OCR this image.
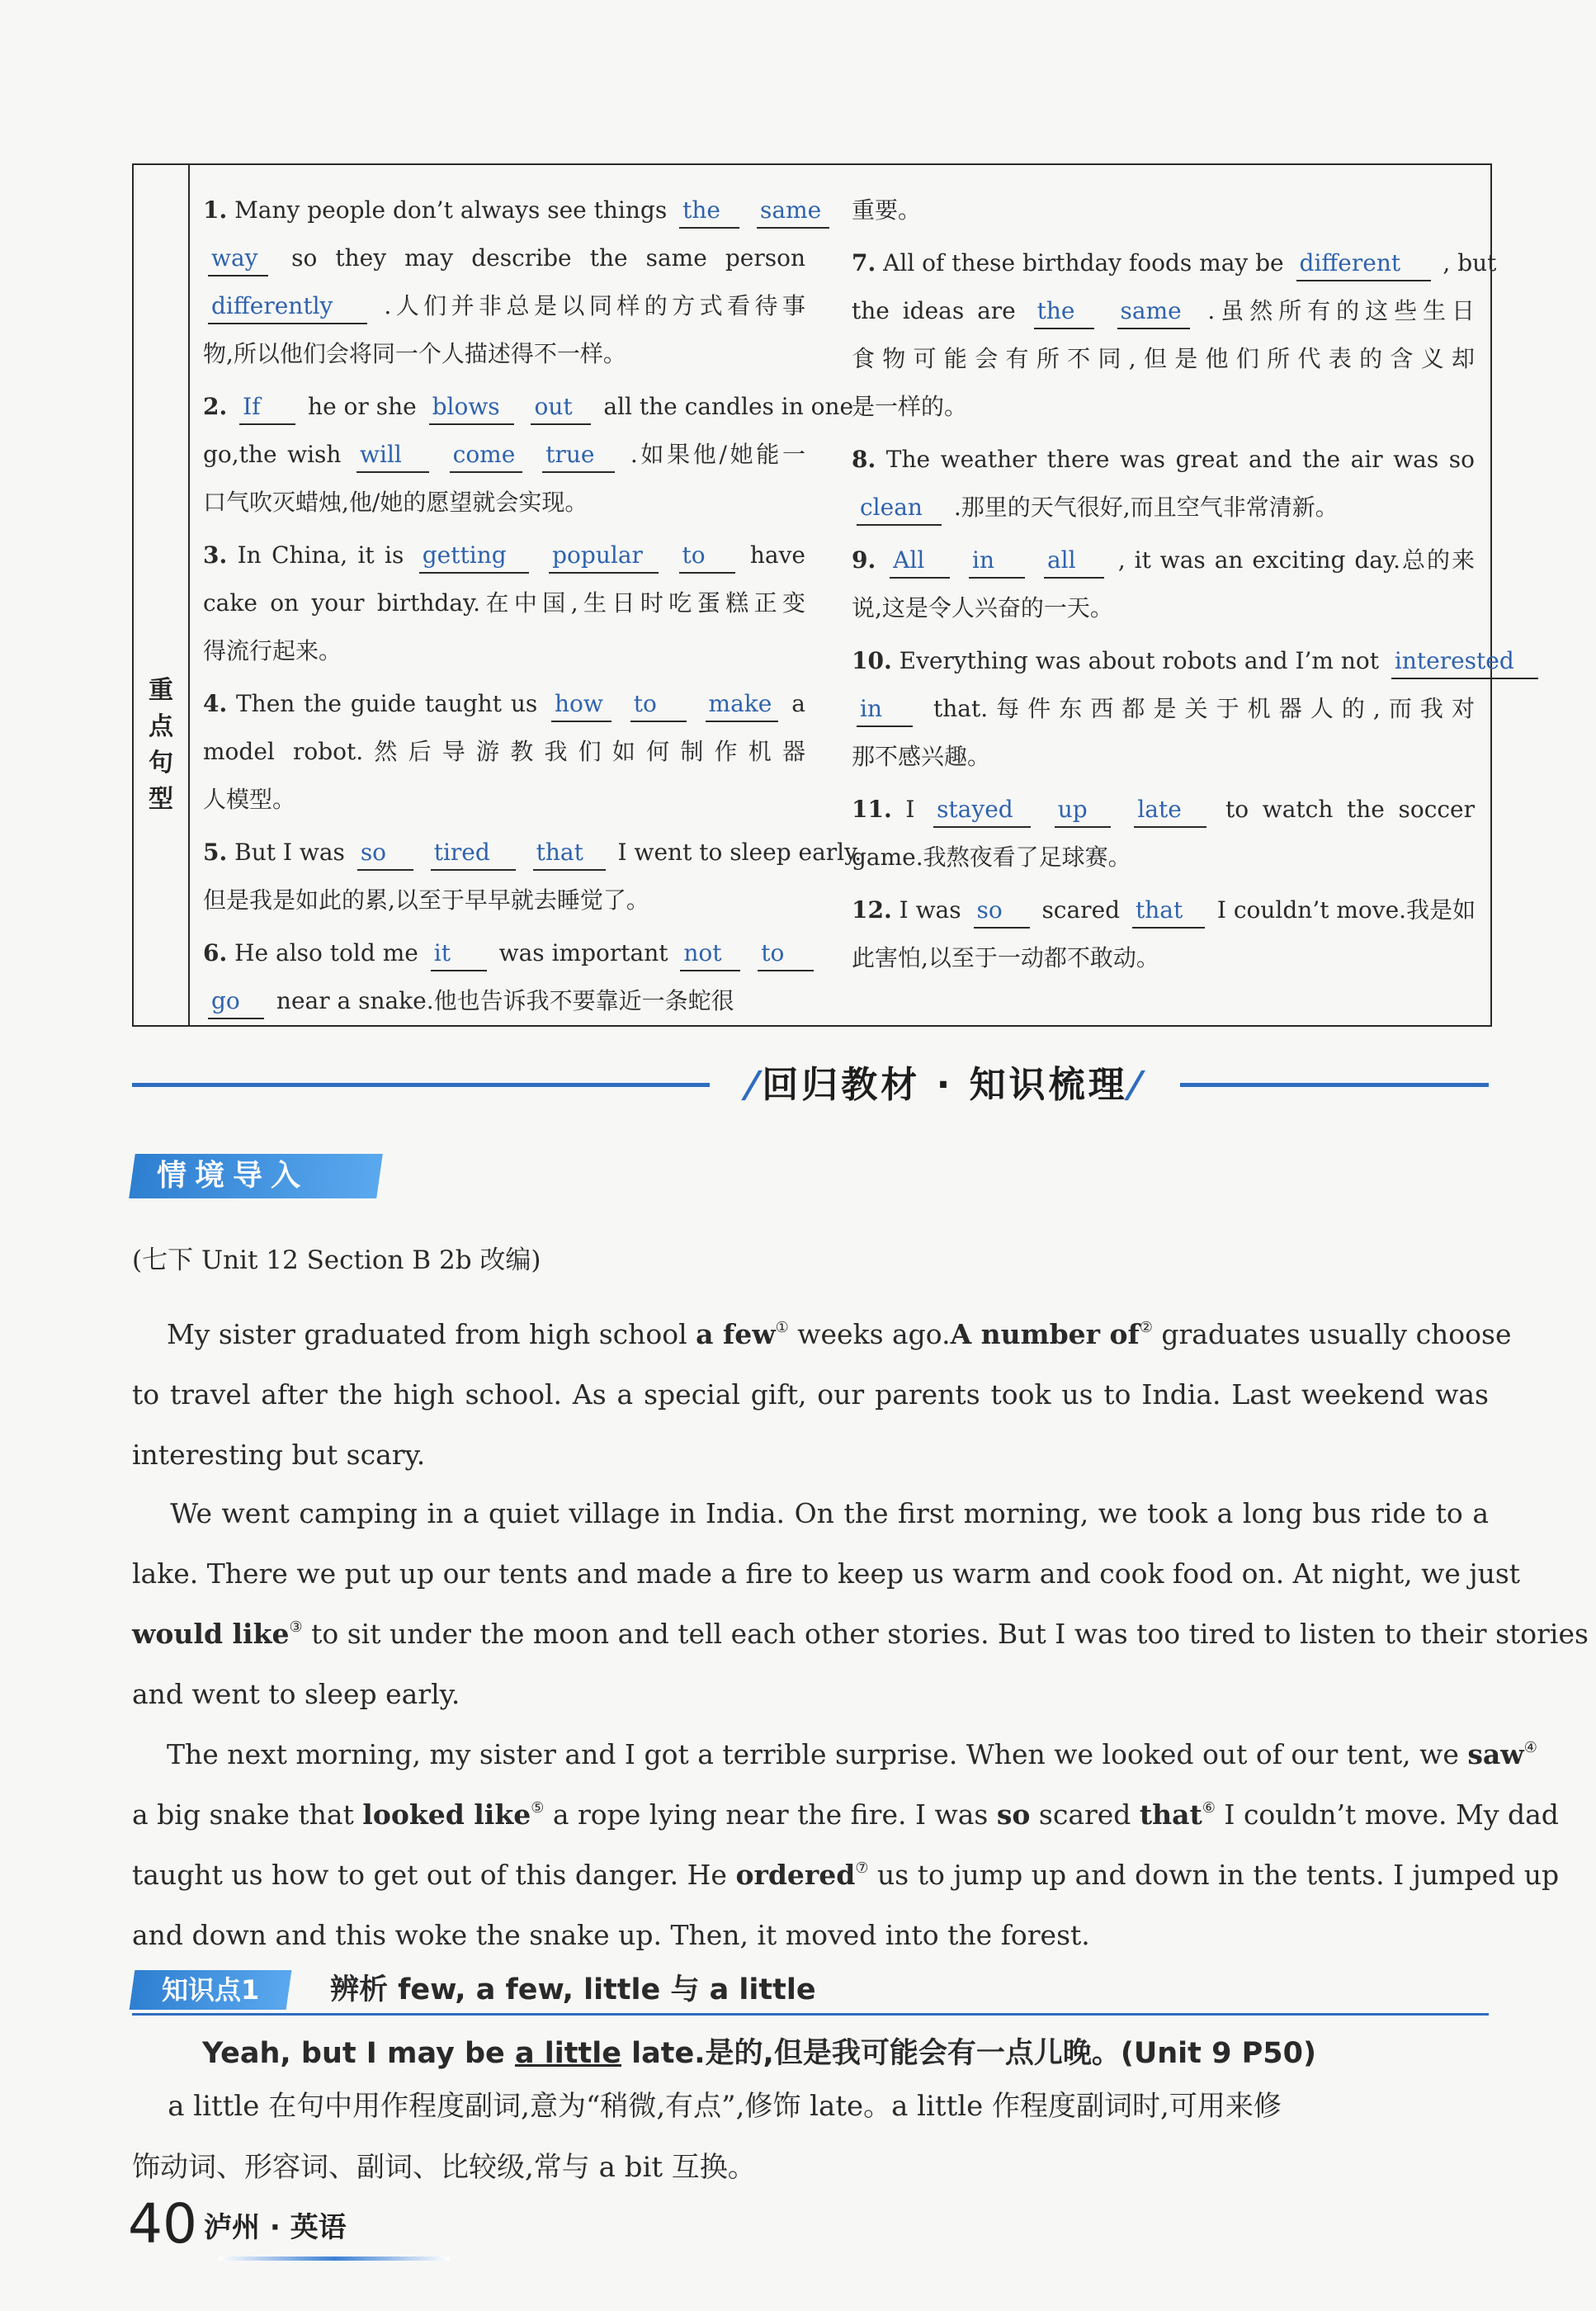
重
点
句
型
1. Many people don’t always see things the same
way so they may describe the same person
differently .人们并非总是以同样的方式看待事
物,所以他们会将同一个人描述得不一样。
2. If he or she blows out all the candles in one
go,the wish will come true .如果他/她能一
口气吹灭蜡烛,他/她的愿望就会实现。
3. In China, it is getting popular to have
cake on your birthday.在中国,生日时吃蛋糕正变
得流行起来。
4. Then the guide taught us how to make a
model robot.然后导游教我们如何制作机器
人模型。
5. But I was so tired that I went to sleep early.
但是我是如此的累,以至于早早就去睡觉了。
6. He also told me it was important not to
go near a snake.他也告诉我不要靠近一条蛇很
重要。
7. All of these birthday foods may be different , but
the ideas are the same .虽然所有的这些生日
食物可能会有所不同,但是他们所代表的含义却
是一样的。
8. The weather there was great and the air was so
clean .那里的天气很好,而且空气非常清新。
9. All in all , it was an exciting day.总的来
说,这是令人兴奋的一天。
10. Everything was about robots and I’m not interested
in that.每件东西都是关于机器人的,而我对
那不感兴趣。
11. I stayed up late to watch the soccer
game.我熬夜看了足球赛。
12. I was so scared that I couldn’t move.我是如
此害怕,以至于一动都不敢动。
/回归教材 · 知识梳理/
情境导入
(七下 Unit 12 Section B 2b 改编)
My sister graduated from high school a few① weeks ago.A number of② graduates usually choose
to travel after the high school. As a special gift, our parents took us to India. Last weekend was
interesting but scary.
We went camping in a quiet village in India. On the first morning, we took a long bus ride to a
lake. There we put up our tents and made a fire to keep us warm and cook food on. At night, we just
would like③ to sit under the moon and tell each other stories. But I was too tired to listen to their stories
and went to sleep early.
The next morning, my sister and I got a terrible surprise. When we looked out of our tent, we saw④
a big snake that looked like⑤ a rope lying near the fire. I was so scared that⑥ I couldn’t move. My dad
taught us how to get out of this danger. He ordered⑦ us to jump up and down in the tents. I jumped up
and down and this woke the snake up. Then, it moved into the forest.
知识点1	辨析 few, a few, little 与 a little
Yeah, but I may be a little late.是的,但是我可能会有一点儿晚。(Unit 9 P50)
a little 在句中用作程度副词,意为“稍微,有点”,修饰 late。a little 作程度副词时,可用来修
饰动词、形容词、副词、比较级,常与 a bit 互换。
40 泸州 · 英语
